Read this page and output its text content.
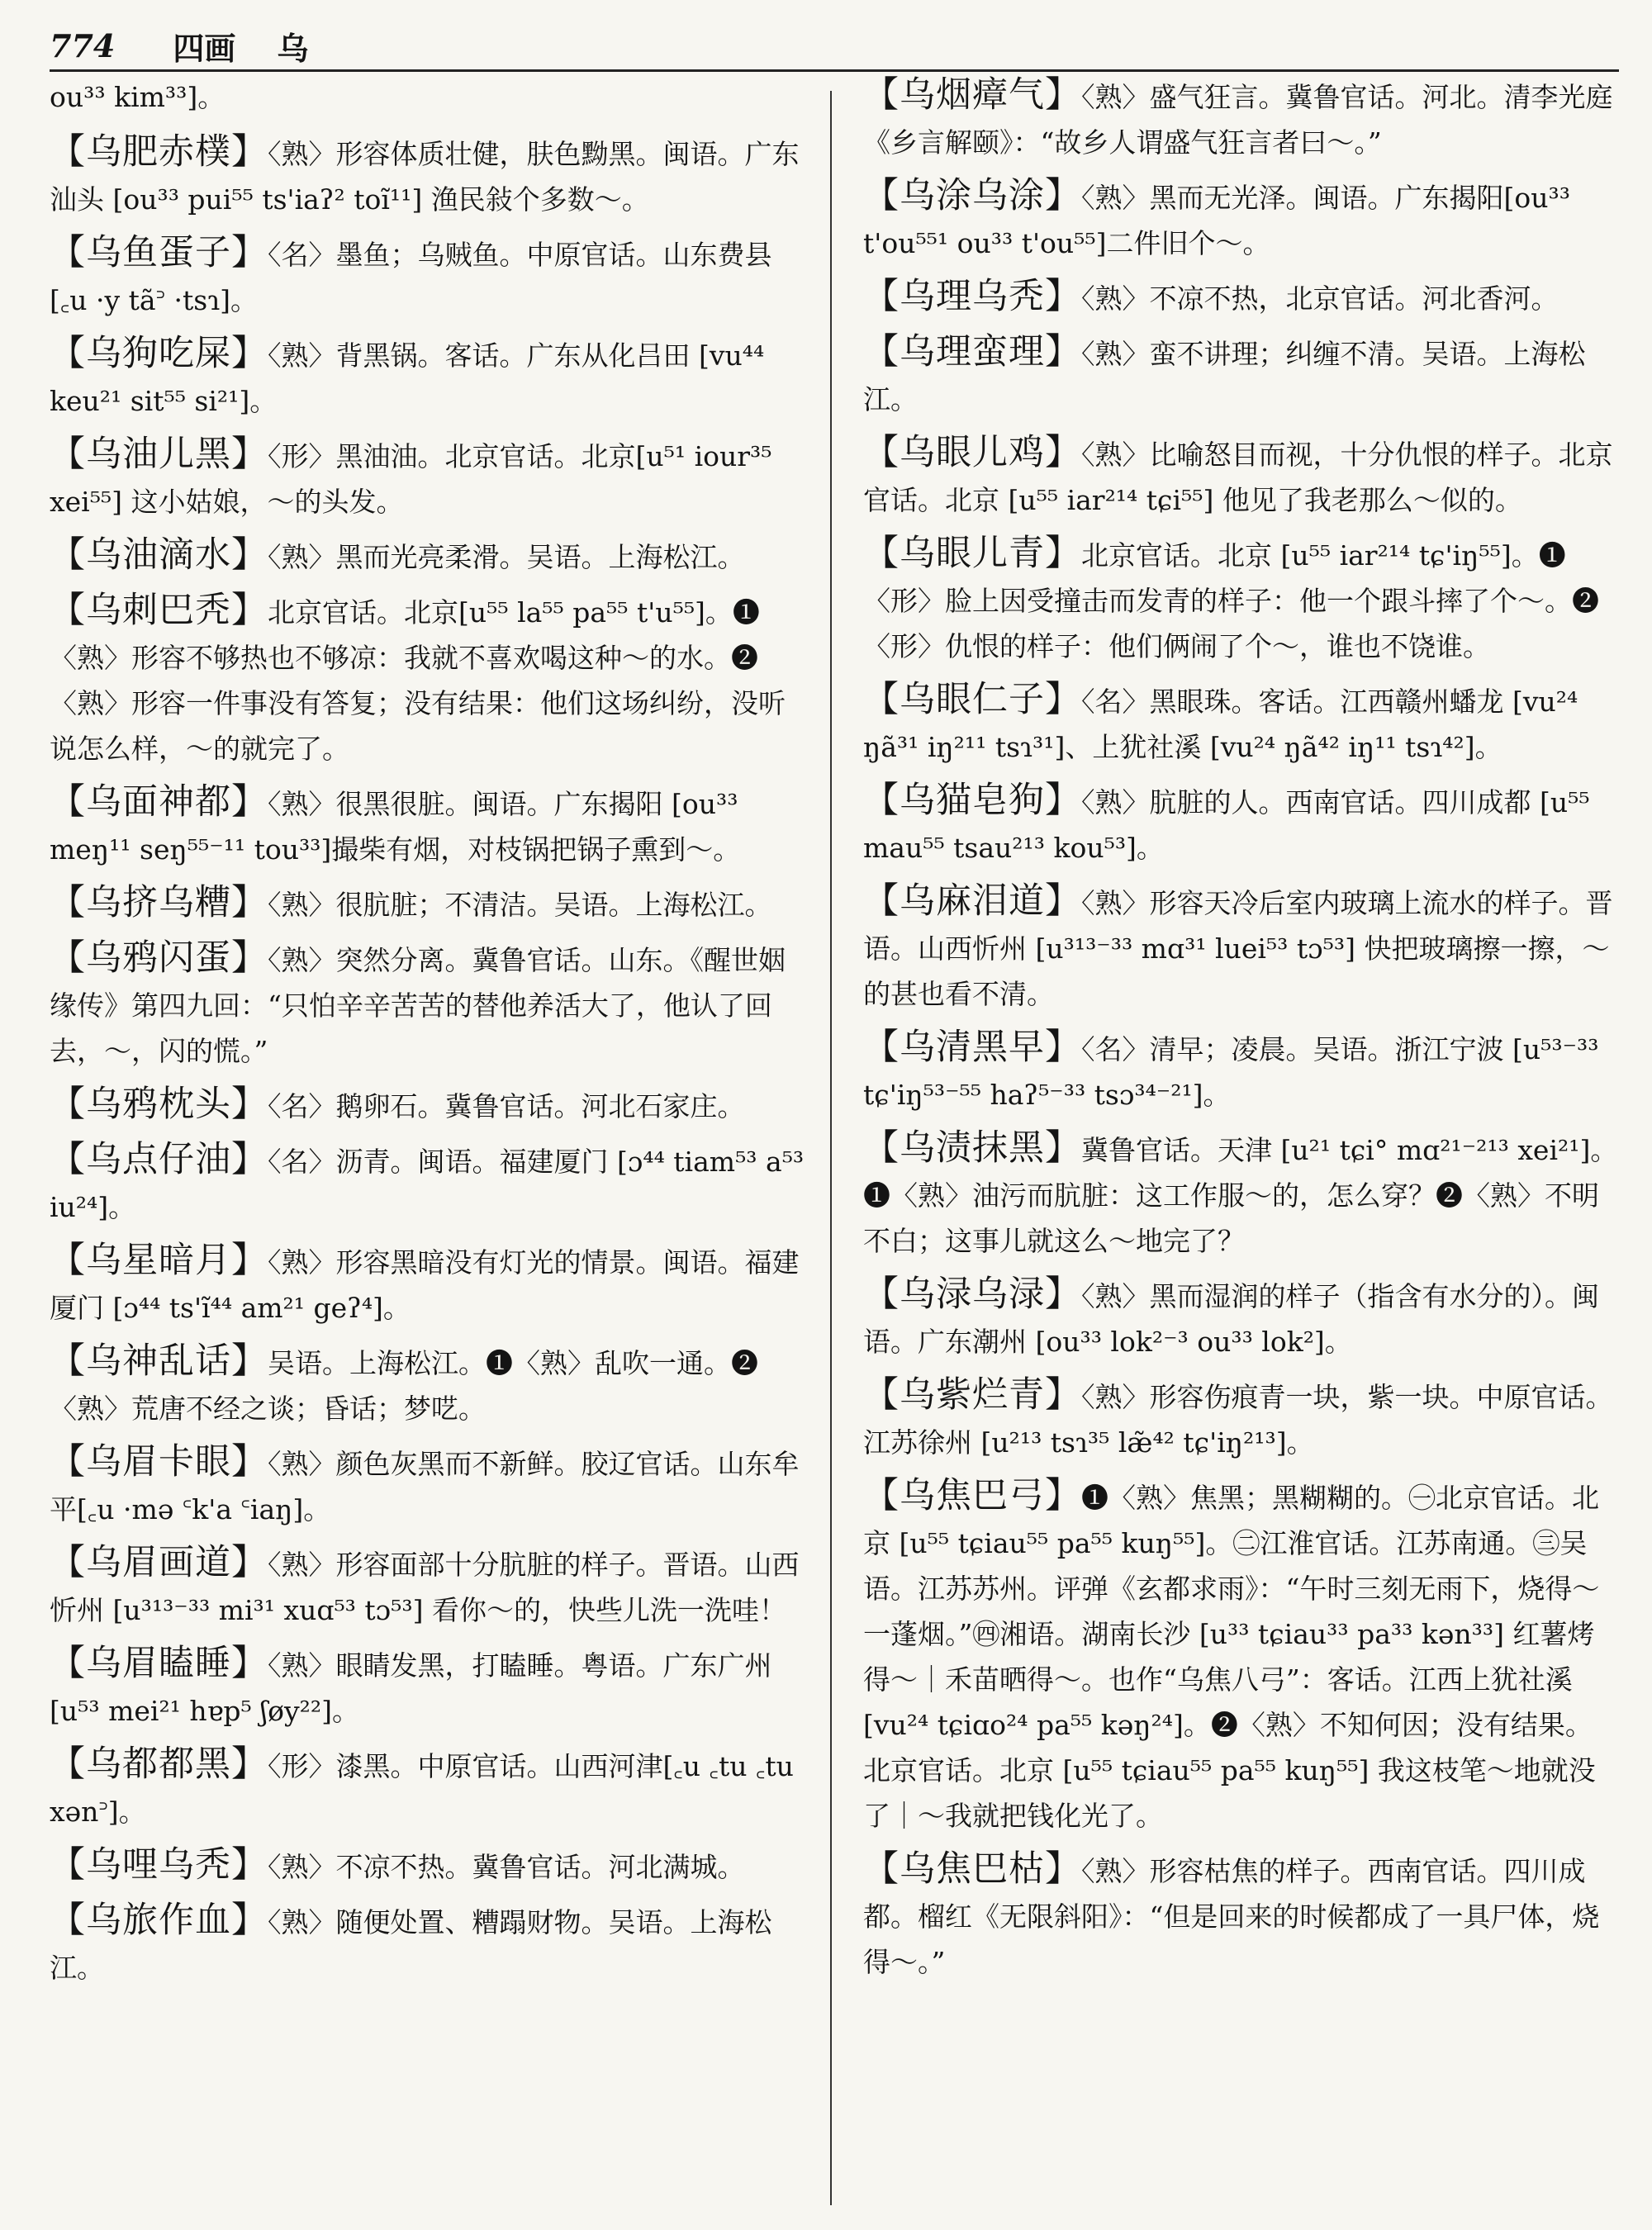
774 四画 乌
ou³³ kim³³]。
【乌肥赤樸】〈熟〉形容体质壮健，肤色黝黑。闽语。广东汕头 [ou³³ pui⁵⁵ ts'iaʔ² toĩ¹¹] 渔民敍个多数～。
【乌鱼蛋子】〈名〉墨鱼；乌贼鱼。中原官话。山东费县 [꜀u ·y tã꜄ ·tsɿ]。
【乌狗吃屎】〈熟〉背黑锅。客话。广东从化吕田 [vu⁴⁴ keu²¹ sit⁵⁵ si²¹]。
【乌油儿黑】〈形〉黑油油。北京官话。北京[u⁵¹ iour³⁵ xei⁵⁵] 这小姑娘，～的头发。
【乌油滴水】〈熟〉黑而光亮柔滑。吴语。上海松江。
【乌刺巴秃】北京官话。北京[u⁵⁵ la⁵⁵ pa⁵⁵ t'u⁵⁵]。❶〈熟〉形容不够热也不够凉：我就不喜欢喝这种～的水。❷〈熟〉形容一件事没有答复；没有结果：他们这场纠纷，没听说怎么样，～的就完了。
【乌面神都】〈熟〉很黑很脏。闽语。广东揭阳 [ou³³ meŋ¹¹ seŋ⁵⁵⁻¹¹ tou³³]撮柴有烟，对枝锅把锅子熏到～。
【乌挤乌糟】〈熟〉很肮脏；不清洁。吴语。上海松江。
【乌鸦闪蛋】〈熟〉突然分离。冀鲁官话。山东。《醒世姻缘传》第四九回：“只怕辛辛苦苦的替他养活大了，他认了回去，～，闪的慌。”
【乌鸦枕头】〈名〉鹅卵石。冀鲁官话。河北石家庄。
【乌点仔油】〈名〉沥青。闽语。福建厦门 [ɔ⁴⁴ tiam⁵³ a⁵³ iu²⁴]。
【乌星暗月】〈熟〉形容黑暗没有灯光的情景。闽语。福建厦门 [ɔ⁴⁴ ts'ĩ⁴⁴ am²¹ geʔ⁴]。
【乌神乱话】吴语。上海松江。❶〈熟〉乱吹一通。❷〈熟〉荒唐不经之谈；昏话；梦呓。
【乌眉卡眼】〈熟〉颜色灰黑而不新鲜。胶辽官话。山东牟平[꜀u ·mə ꜂k'a ꜂iaŋ]。
【乌眉画道】〈熟〉形容面部十分肮脏的样子。晋语。山西忻州 [u³¹³⁻³³ mi³¹ xuɑ⁵³ tɔ⁵³] 看你～的，快些儿洗一洗哇！
【乌眉瞌睡】〈熟〉眼睛发黑，打瞌睡。粤语。广东广州 [u⁵³ mei²¹ hɐp⁵ ʃøy²²]。
【乌都都黑】〈形〉漆黑。中原官话。山西河津[꜀u ꜀tu ꜀tu xən꜄]。
【乌哩乌秃】〈熟〉不凉不热。冀鲁官话。河北满城。
【乌旅作血】〈熟〉随便处置、糟蹋财物。吴语。上海松江。
【乌烟瘴气】〈熟〉盛气狂言。冀鲁官话。河北。清李光庭《乡言解颐》：“故乡人谓盛气狂言者曰～。”
【乌涂乌涂】〈熟〉黑而无光泽。闽语。广东揭阳[ou³³ t'ou⁵⁵¹ ou³³ t'ou⁵⁵]二件旧个～。
【乌理乌秃】〈熟〉不凉不热，北京官话。河北香河。
【乌理蛮理】〈熟〉蛮不讲理；纠缠不清。吴语。上海松江。
【乌眼儿鸡】〈熟〉比喻怒目而视，十分仇恨的样子。北京官话。北京 [u⁵⁵ iar²¹⁴ tɕi⁵⁵] 他见了我老那么～似的。
【乌眼儿青】北京官话。北京 [u⁵⁵ iar²¹⁴ tɕ'iŋ⁵⁵]。❶〈形〉脸上因受撞击而发青的样子：他一个跟斗摔了个～。❷〈形〉仇恨的样子：他们俩闹了个～，谁也不饶谁。
【乌眼仁子】〈名〉黑眼珠。客话。江西赣州蟠龙 [vu²⁴ ŋã³¹ iŋ²¹¹ tsɿ³¹]、上犹社溪 [vu²⁴ ŋã⁴² iŋ¹¹ tsɿ⁴²]。
【乌猫皂狗】〈熟〉肮脏的人。西南官话。四川成都 [u⁵⁵ mau⁵⁵ tsau²¹³ kou⁵³]。
【乌麻泪道】〈熟〉形容天冷后室内玻璃上流水的样子。晋语。山西忻州 [u³¹³⁻³³ mɑ³¹ luei⁵³ tɔ⁵³] 快把玻璃擦一擦，～的甚也看不清。
【乌清黑早】〈名〉清早；凌晨。吴语。浙江宁波 [u⁵³⁻³³ tɕ'iŋ⁵³⁻⁵⁵ haʔ⁵⁻³³ tsɔ³⁴⁻²¹]。
【乌渍抹黑】冀鲁官话。天津 [u²¹ tɕi° mɑ²¹⁻²¹³ xei²¹]。❶〈熟〉油污而肮脏：这工作服～的，怎么穿？❷〈熟〉不明不白；这事儿就这么～地完了？
【乌渌乌渌】〈熟〉黑而湿润的样子（指含有水分的）。闽语。广东潮州 [ou³³ lok²⁻³ ou³³ lok²]。
【乌紫烂青】〈熟〉形容伤痕青一块，紫一块。中原官话。江苏徐州 [u²¹³ tsɿ³⁵ læ̃⁴² tɕ'iŋ²¹³]。
【乌焦巴弓】❶〈熟〉焦黑；黑糊糊的。㊀北京官话。北京 [u⁵⁵ tɕiau⁵⁵ pa⁵⁵ kuŋ⁵⁵]。㊁江淮官话。江苏南通。㊂吴语。江苏苏州。评弹《玄都求雨》：“午时三刻无雨下，烧得～一蓬烟。”㊃湘语。湖南长沙 [u³³ tɕiau³³ pa³³ kən³³] 红薯烤得～｜禾苗晒得～。也作“乌焦八弓”：客话。江西上犹社溪 [vu²⁴ tɕiɑo²⁴ pa⁵⁵ kəŋ²⁴]。❷〈熟〉不知何因；没有结果。北京官话。北京 [u⁵⁵ tɕiau⁵⁵ pa⁵⁵ kuŋ⁵⁵] 我这枝笔～地就没了｜～我就把钱化光了。
【乌焦巴枯】〈熟〉形容枯焦的样子。西南官话。四川成都。榴红《无限斜阳》：“但是回来的时候都成了一具尸体，烧得～。”
